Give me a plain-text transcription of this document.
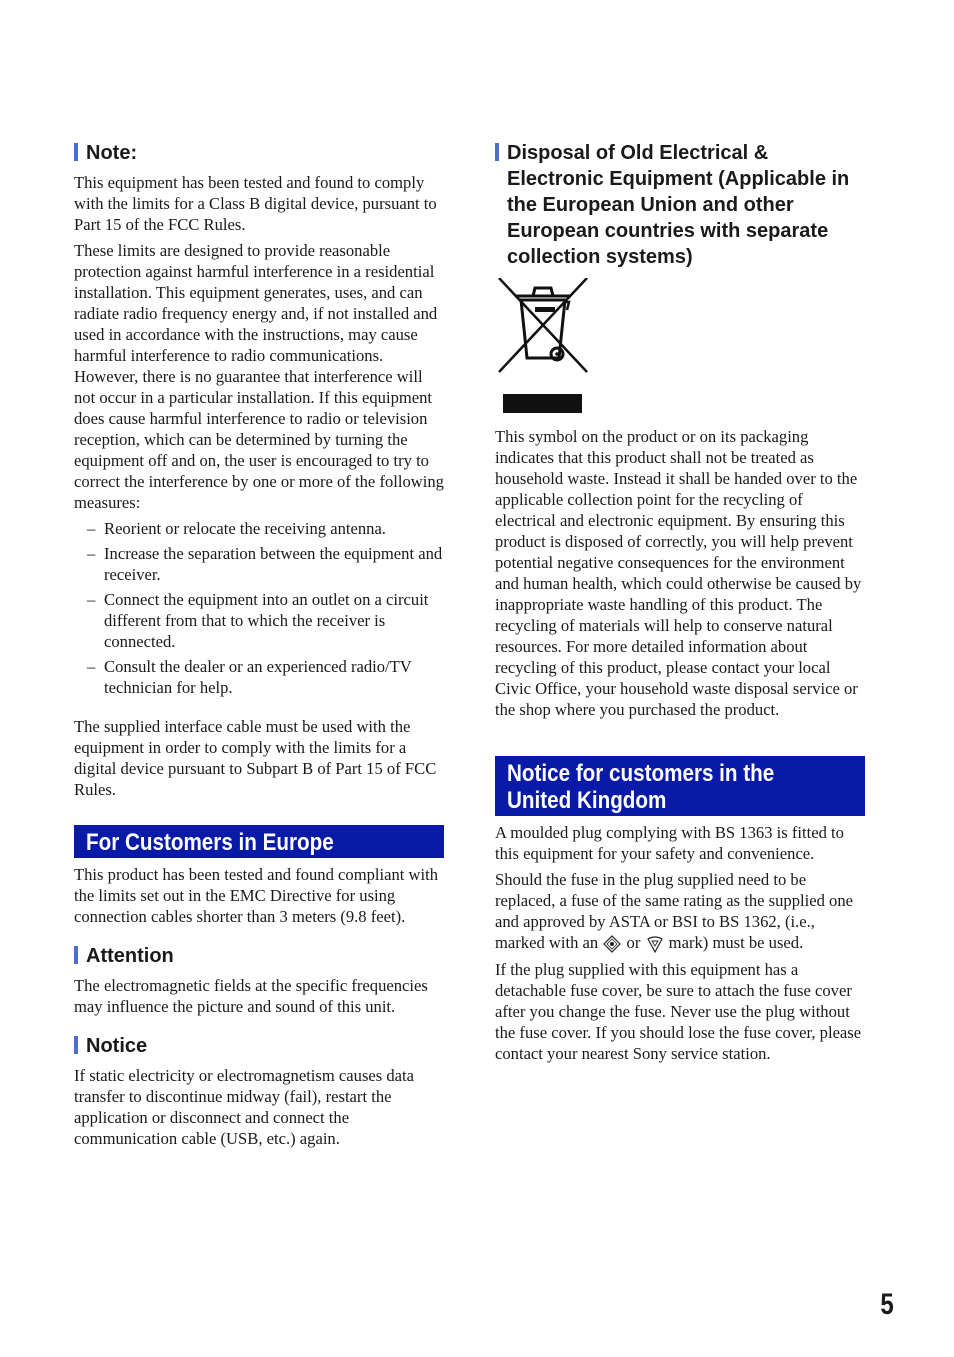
Note:

This equipment has been tested and found to comply with the limits for a Class B digital device, pursuant to Part 15 of the FCC Rules.

These limits are designed to provide reasonable protection against harmful interference in a residential installation. This equipment generates, uses, and can radiate radio frequency energy and, if not installed and used in accordance with the instructions, may cause harmful interference to radio communications. However, there is no guarantee that interference will not occur in a particular installation. If this equipment does cause harmful interference to radio or television reception, which can be determined by turning the equipment off and on, the user is encouraged to try to correct the interference by one or more of the following measures:

– Reorient or relocate the receiving antenna.
– Increase the separation between the equipment and receiver.
– Connect the equipment into an outlet on a circuit different from that to which the receiver is connected.
– Consult the dealer or an experienced radio/TV technician for help.

The supplied interface cable must be used with the equipment in order to comply with the limits for a digital device pursuant to Subpart B of Part 15 of FCC Rules.

For Customers in Europe

This product has been tested and found compliant with the limits set out in the EMC Directive for using connection cables shorter than 3 meters (9.8 feet).

Attention

The electromagnetic fields at the specific frequencies may influence the picture and sound of this unit.

Notice

If static electricity or electromagnetism causes data transfer to discontinue midway (fail), restart the application or disconnect and connect the communication cable (USB, etc.) again.

Disposal of Old Electrical & Electronic Equipment (Applicable in the European Union and other European countries with separate collection systems)

This symbol on the product or on its packaging indicates that this product shall not be treated as household waste. Instead it shall be handed over to the applicable collection point for the recycling of electrical and electronic equipment. By ensuring this product is disposed of correctly, you will help prevent potential negative consequences for the environment and human health, which could otherwise be caused by inappropriate waste handling of this product. The recycling of materials will help to conserve natural resources. For more detailed information about recycling of this product, please contact your local Civic Office, your household waste disposal service or the shop where you purchased the product.

Notice for customers in the
United Kingdom

A moulded plug complying with BS 1363 is fitted to this equipment for your safety and convenience.

Should the fuse in the plug supplied need to be replaced, a fuse of the same rating as the supplied one and approved by ASTA or BSI to BS 1362, (i.e., marked with an or mark) must be used.

If the plug supplied with this equipment has a detachable fuse cover, be sure to attach the fuse cover after you change the fuse. Never use the plug without the fuse cover. If you should lose the fuse cover, please contact your nearest Sony service station.

5
